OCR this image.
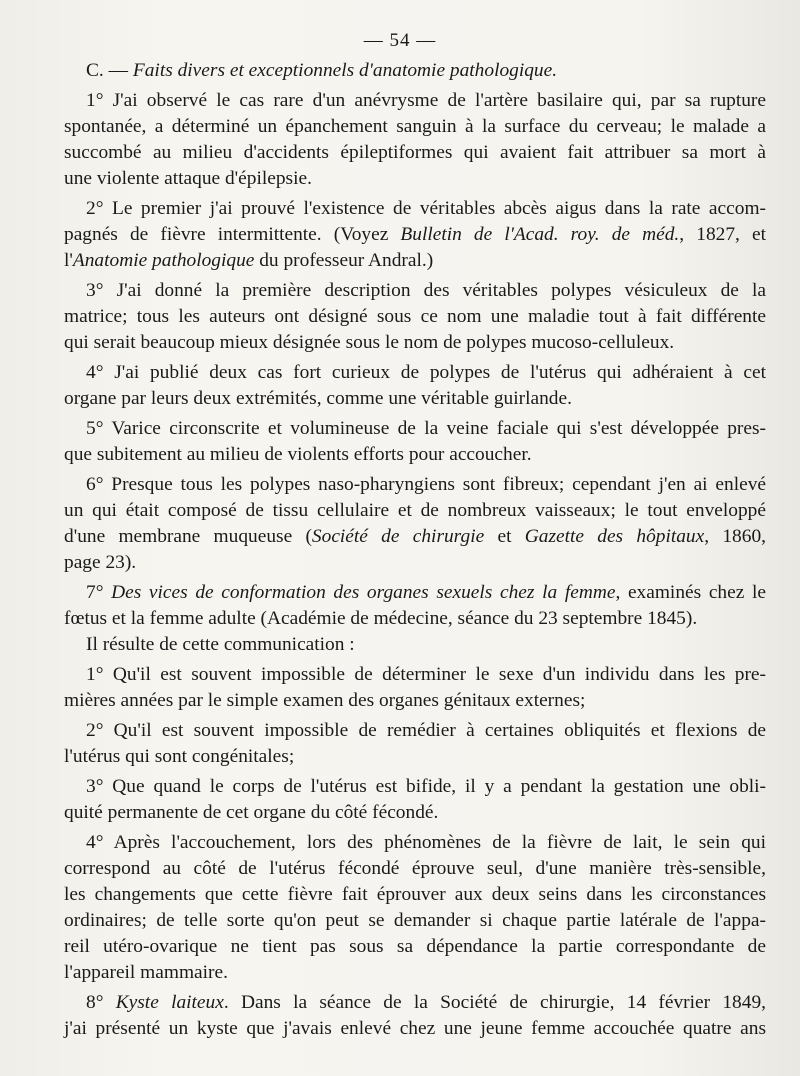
— 54 —
C. — Faits divers et exceptionnels d'anatomie pathologique.
1° J'ai observé le cas rare d'un anévrysme de l'artère basilaire qui, par sa rupture
spontanée, a déterminé un épanchement sanguin à la surface du cerveau; le malade a
succombé au milieu d'accidents épileptiformes qui avaient fait attribuer sa mort à
une violente attaque d'épilepsie.
2° Le premier j'ai prouvé l'existence de véritables abcès aigus dans la rate accom-
pagnés de fièvre intermittente. (Voyez Bulletin de l'Acad. roy. de méd., 1827, et
l'Anatomie pathologique du professeur Andral.)
3° J'ai donné la première description des véritables polypes vésiculeux de la
matrice; tous les auteurs ont désigné sous ce nom une maladie tout à fait différente
qui serait beaucoup mieux désignée sous le nom de polypes mucoso-celluleux.
4° J'ai publié deux cas fort curieux de polypes de l'utérus qui adhéraient à cet
organe par leurs deux extrémités, comme une véritable guirlande.
5° Varice circonscrite et volumineuse de la veine faciale qui s'est développée pres-
que subitement au milieu de violents efforts pour accoucher.
6° Presque tous les polypes naso-pharyngiens sont fibreux; cependant j'en ai enlevé
un qui était composé de tissu cellulaire et de nombreux vaisseaux; le tout enveloppé
d'une membrane muqueuse (Société de chirurgie et Gazette des hôpitaux, 1860,
page 23).
7° Des vices de conformation des organes sexuels chez la femme, examinés chez le
fœtus et la femme adulte (Académie de médecine, séance du 23 septembre 1845).
Il résulte de cette communication :
1° Qu'il est souvent impossible de déterminer le sexe d'un individu dans les pre-
mières années par le simple examen des organes génitaux externes;
2° Qu'il est souvent impossible de remédier à certaines obliquités et flexions de
l'utérus qui sont congénitales;
3° Que quand le corps de l'utérus est bifide, il y a pendant la gestation une obli-
quité permanente de cet organe du côté fécondé.
4° Après l'accouchement, lors des phénomènes de la fièvre de lait, le sein qui
correspond au côté de l'utérus fécondé éprouve seul, d'une manière très-sensible,
les changements que cette fièvre fait éprouver aux deux seins dans les circonstances
ordinaires; de telle sorte qu'on peut se demander si chaque partie latérale de l'appa-
reil utéro-ovarique ne tient pas sous sa dépendance la partie correspondante de
l'appareil mammaire.
8° Kyste laiteux. Dans la séance de la Société de chirurgie, 14 février 1849,
j'ai présenté un kyste que j'avais enlevé chez une jeune femme accouchée quatre ans
